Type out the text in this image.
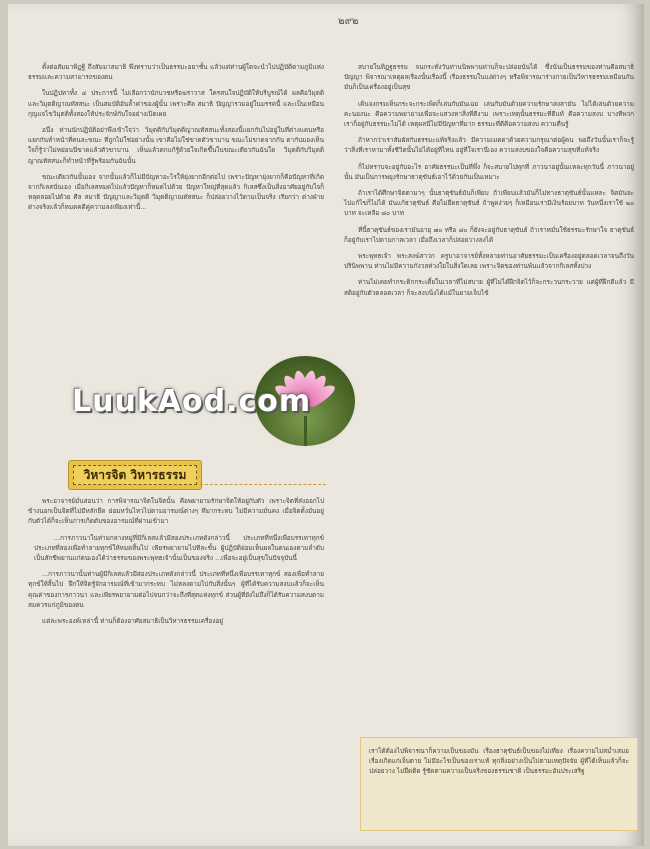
๒๙๒

ตั้งต่อสัมมาทิฏฐิ ถึงสัมมาสมาธิ พึงทราบว่าเป็นธรรมะอยาชั้น แล้วแต่ท่านผู้ใดจะนำไปปฏิบัติตามภูมิแห่งธรรมและความสามารถของตน

ในปฏิปทาทั้ง ๔ ประการนี้ ไม่เลือกว่านักบวชหรือฆราวาส ใครสนใจปฏิบัติให้บริบูรณ์ได้ ผลคือวิมุตติ และวิมุตติญาณทัสสนะ เป็นสมบัติอันล้ำค่าของผู้นั้น เพราะศีล สมาธิ ปัญญารวมอยู่ในมรรคนี้ และเป็นเหมือนกุญแจไขวิมุตติทั้งสองให้ประจักษ์กับใจอย่างเปิดเผย

อนึ่ง ท่านนักปฏิบัติอย่าพึงเข้าใจว่า วิมุตติกับวิมุตติญาณทัสสนะทั้งสองนี้แยกกันไปอยู่ในที่ต่างแดนหรือแยกกันทำหน้าที่คนละขณะ ที่ถูกไม่ใช่อย่างนั้น เขาคือไม่ใช่ขาดตัวขาบาน ขณะไม่ขาดจากกัน ตากับมองเห็น ใจก็รู้ว่าไม่หย่อนนี่ขาดแล้วตัวขาบาน เห็นแล้วตกแก้รู้ด้วยใจเกิดขึ้นในขณะเดียวกันฉันใด วิมุตติกับวิมุตติญาณทัสสนะก็ทำหน้าที่รู้พร้อมกันฉันนั้น

ขณะเดียวกันนั้นเอง จากนั้นแล้วก็ไม่มีปัญหาอะไรให้ยุ่งยากอีกต่อไป เพราะปัญหายุ่งยากก็คือปัญหาที่เกิดจากกิเลสนั่นเอง เมื่อกิเลสหมดไปแล้วปัญหาก็หมดไปด้วย ปัญหาใหญ่ที่สุดแล้ว กิเลสซึ่งเป็นสิ่งอาศัยอยู่กับใจก็หลุดลอยไปด้วย ศีล สมาธิ ปัญญาและวิมุตติ วิมุตติญาณทัสสนะ ก็ปล่อยวางไว้ตามเป็นจริง เรียกว่า ต่างฝ่ายต่างจริงแล้วก็หมดคดีคู่ความลงเพียงเท่านี้...

LuukAod.com
วิหารจิต วิหารธรรม

พระอาจารย์มั่นสอนว่า การพิจารณาจิตในจิตนั้น คือพยายามรักษาจิตให้อยู่กับตัว เพราะจิตที่ส่งออกไปข้างนอกเป็นจิตที่ไม่มีหลักยึด ย่อมหวั่นไหวไปตามอารมณ์ต่างๆ ที่มากระทบ ไม่มีความมั่นคง เมื่อจิตตั้งมั่นอยู่กับตัวได้ก็จะเห็นการเกิดดับของอารมณ์ที่ผ่านเข้ามา

...การภาวนาในท่ามกลางหมู่ที่มีกิเลสแล้วมีสองประเภทดังกล่าวนี้ ประเภทที่หนึ่งเพื่อบรรเทาทุกข์ ประเภทที่สองเพื่อทำลายทุกข์ให้หมดสิ้นไป เพียรพยายามไปทีละขั้น ผู้ปฏิบัติย่อมเห็นผลในตนเองตามลำดับ เป็นสักขีพยานแก่ตนเองได้ว่าธรรมของพระพุทธเจ้านั้นเป็นของจริง ...เพื่อจะอยู่เป็นสุขในปัจจุบันนี้

...การภาวนานั้นท่านผู้มีกิเลสแล้วมีสองประเภทดังกล่าวนี้ ประเภทที่หนึ่งเพื่อบรรเทาทุกข์ สองเพื่อทำลายทุกข์ให้สิ้นไป ฝึกให้จิตรู้จักอารมณ์ที่เข้ามากระทบ ไม่หลงตามไปกับสิ่งนั้นๆ ผู้ที่ได้รับความสงบแล้วก็จะเห็นคุณค่าของการภาวนา และเพียรพยายามต่อไปจนกว่าจะถึงที่สุดแห่งทุกข์ ส่วนผู้ที่ยังไม่ถึงก็ได้รับความสงบตามสมควรแก่ภูมิของตน

แต่ละพระองค์เหล่านี้ ท่านก็ต้องอาศัยสมาธิเป็นวิหารธรรมเครื่องอยู่

สบายในทิฏฐธรรม จนกระทั่งวันท่านนิพพานท่านก็จะปล่อยนั่นได้ ซึ่งนั่นเป็นธรรมของท่านคือสมาธิ ปัญญา พิจารณาเหตุผลเรื่องนั้นเรื่องนี้ เรื่องธรรมในแง่ต่างๆ หรือพิจารณาร่างกายเป็นวิหารธรรมเหมือนกัน มันก็เป็นเครื่องอยู่เป็นสุข

เดินจงกรมเห็นกระจะกระเพิดก็เล่นกับมันเฉย เล่นกับมันด้วยความรักษาสงสามัน ไม่ได้เล่นด้วยความคะนองนะ คือความพยายามเพื่อจะแสวงหาสิ่งที่ดีงาม เพราะเหตุนั้นธรรมะที่ดีแท้ คือความสงบ บางทีพวกเราก็อยู่กับธรรมะไม่ได้ เหตุผลนี่ไม่มีปัญหาที่มาก ธรรมะที่ดีคือความสงบ ความตื่นรู้

ถ้าหากว่าเราสัมผัสกับธรรมะแท้จริงแล้ว มีความเมตตาด้วยความกรุณาต่อผู้คน พอถึงวันนั้นเราก็จะรู้ว่าสิ่งที่เราหามาทั้งชีวิตนั้นไม่ได้อยู่ที่ไหน อยู่ที่ใจเรานี่เอง ความสงบของใจคือความสุขที่แท้จริง

ก็ไม่ทราบจะอยู่กับอะไร อาศัยธรรมะเป็นที่พึ่ง ก็จะสบายไปทุกที่ ภาวนาอยู่นั้นแหละทุกวันนี้ ภาวนาอยู่นั้น มันเป็นการพยุงรักษาธาตุขันธ์เอาไว้ด้วยกันเป็นเหมาะ

ถ้าเราได้ศึกษาจิตตามาๆ นั้นธาตุขันธ์มันก็เพียบ ถ้าเพียบแล้วมันก็ไม่ทางธาตุขันธ์นั้นแหละ จิตมันจะไปแก้ไขก็ไม่ได้ มันแก้ธาตุขันธ์ คือไม่ยึดธาตุขันธ์ ถ้าพูดง่ายๆ ก็เหมือนเรามีเงินร้อยบาท วันหนึ่งเราใช้ ๒๐ บาท จะเหลือ ๘๐ บาท

ที่นี้ธาตุขันธ์ของเรามันอายุ ๗๐ หรือ ๘๐ ก็ยังจะอยู่กับธาตุขันธ์ ถ้าเราหมั่นใช้ธรรมะรักษาใจ ธาตุขันธ์ก็อยู่กับเราไปตามกาลเวลา เมื่อถึงเวลาก็ปล่อยวางลงได้

พระพุทธเจ้า พระสงฆ์สาวก ครูบาอาจารย์ทั้งหลายท่านอาศัยธรรมะเป็นเครื่องอยู่ตลอดเวลาจนถึงวันปรินิพพาน ท่านไม่มีความกังวลห่วงใยในสิ่งใดเลย เพราะจิตของท่านพ้นแล้วจากกิเลสทั้งปวง

ท่านไม่เคยทำกระดิกกระเดี้ยในเวลาที่ไม่สบาย ผู้ที่ไม่ได้ฝึกจิตไว้ก็จะกระวนกระวาย แต่ผู้ที่ฝึกดีแล้ว มีสติอยู่กับตัวตลอดเวลา ก็จะสงบนิ่งได้แม้ในยามเจ็บไข้

เราได้ต้องไปพิจารณาก็ความเป็นของมัน เรื่องธาตุขันธ์เป็นของไม่เที่ยง เรื่องความไม่สม่ำเสมอ เรื่องเกิดแก่เจ็บตาย ไม่มีอะไรเป็นของเราแท้ ทุกสิ่งอย่างเป็นไปตามเหตุปัจจัย ผู้ที่ได้เห็นแล้วก็จะปล่อยวาง ไม่ยึดติด รู้ชัดตามความเป็นจริงของธรรมชาติ เป็นธรรมะอันประเสริฐ
